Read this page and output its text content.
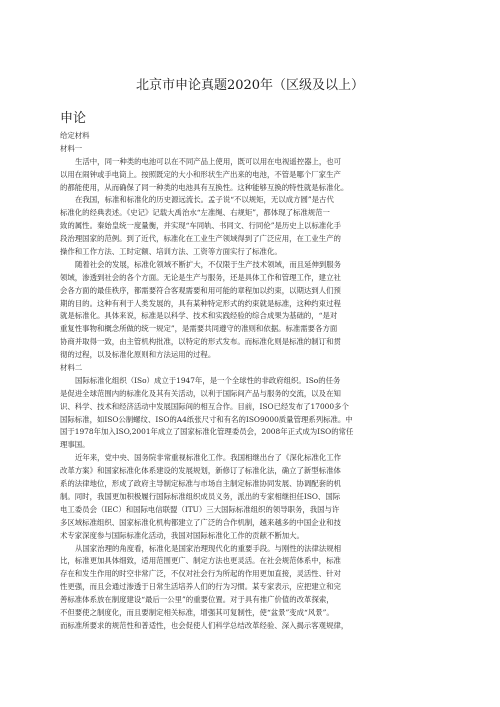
北京市申论真题2020年（区级及以上）
申论
给定材料
材料一
生活中，同一种类的电池可以在不同产品上使用，既可以用在电视遥控器上，也可
以用在闹钟或手电筒上。按照既定的大小和形状生产出来的电池，不管是哪个厂家生产
的都能使用，从而确保了同一种类的电池具有互换性。这种能够互换的特性就是标准化。
在我国，标准和标准化的历史源远流长。孟子说“不以规矩，无以成方圆”是古代
标准化的经典表述。《史记》记载大禹治水“左准绳、右规矩”，都体现了标准规范一
致的属性。秦始皇统一度量衡，并实现“车同轨、书同文、行同伦”是历史上以标准化手
段治理国家的范例。到了近代，标准化在工业生产领域得到了广泛应用，在工业生产的
操作和工作方法、工时定额、培训方法、工资等方面实行了标准化。
随着社会的发展，标准化领域不断扩大，不仅限于生产技术领域，而且延伸到服务
领域，渗透到社会的各个方面。无论是生产与服务，还是具体工作和管理工作，建立社
会各方面的最佳秩序，都需要符合客观需要和用可能的章程加以约束，以期达到人们预
期的目的。这种有利于人类发展的，具有某种特定形式的约束就是标准，这种约束过程
就是标准化。具体来说，标准是以科学、技术和实践经验的综合成果为基础的，“是对
重复性事物和概念所做的统一规定”，是需要共同遵守的准则和依据。标准需要各方面
协商并取得一致，由主管机构批准，以特定的形式发布。而标准化则是标准的制订和贯
彻的过程，以及标准化原则和方法运用的过程。
材料二
国际标准化组织（ISo）成立于1947年，是一个全球性的非政府组织。ISo的任务
是促进全球范围内的标准化及其有关活动，以利于国际间产品与服务的交流，以及在知
识、科学、技术和经济活动中发展国际间的相互合作。目前，ISO已经发布了17000多个
国际标准，如ISO公制螺纹、ISO的A4纸张尺寸和有名的ISO9000质量管理系列标准。中
国于1978年加入ISO,2001年成立了国家标准化管理委员会，2008年正式成为ISO的常任
理事国。
近年来，党中央、国务院非常重视标准化工作。我国相继出台了《深化标准化工作
改革方案》和国家标准化体系建设的发展规划，新修订了标准化法，确立了新型标准体
系的法律地位，形成了政府主导制定标准与市场自主制定标准协同发展、协调配套的机
制。同时，我国更加积极履行国际标准组织成员义务，派出的专家相继担任ISO、国际
电工委员会（IEC）和国际电信联盟（ITU）三大国际标准组织的领导职务，我国与许
多区域标准组织、国家标准化机构都建立了广泛的合作机制，越来越多的中国企业和技
术专家深度参与国际标准化活动，我国对国际标准化工作的贡献不断加大。
从国家治理的角度看，标准化是国家治理现代化的重要手段。与刚性的法律法规相
比，标准更加具体细致，适用范围更广、制定方法也更灵活。在社会规范体系中，标准
存在和发生作用的时空非常广泛，不仅对社会行为所起的作用更加直接，灵活性、针对
性更强，而且会通过渗透于日常生活培养人们的行为习惯。某专家表示，应把建立和完
善标准体系放在制度建设“最后一公里”的重要位置。对于具有推广价值的改革探索，
不但要使之制度化，而且要制定相关标准，增强其可复制性，使“盆景”变成“风景”。
而标准所要求的规范性和普适性，也会促使人们科学总结改革经验、深入揭示客观规律，
